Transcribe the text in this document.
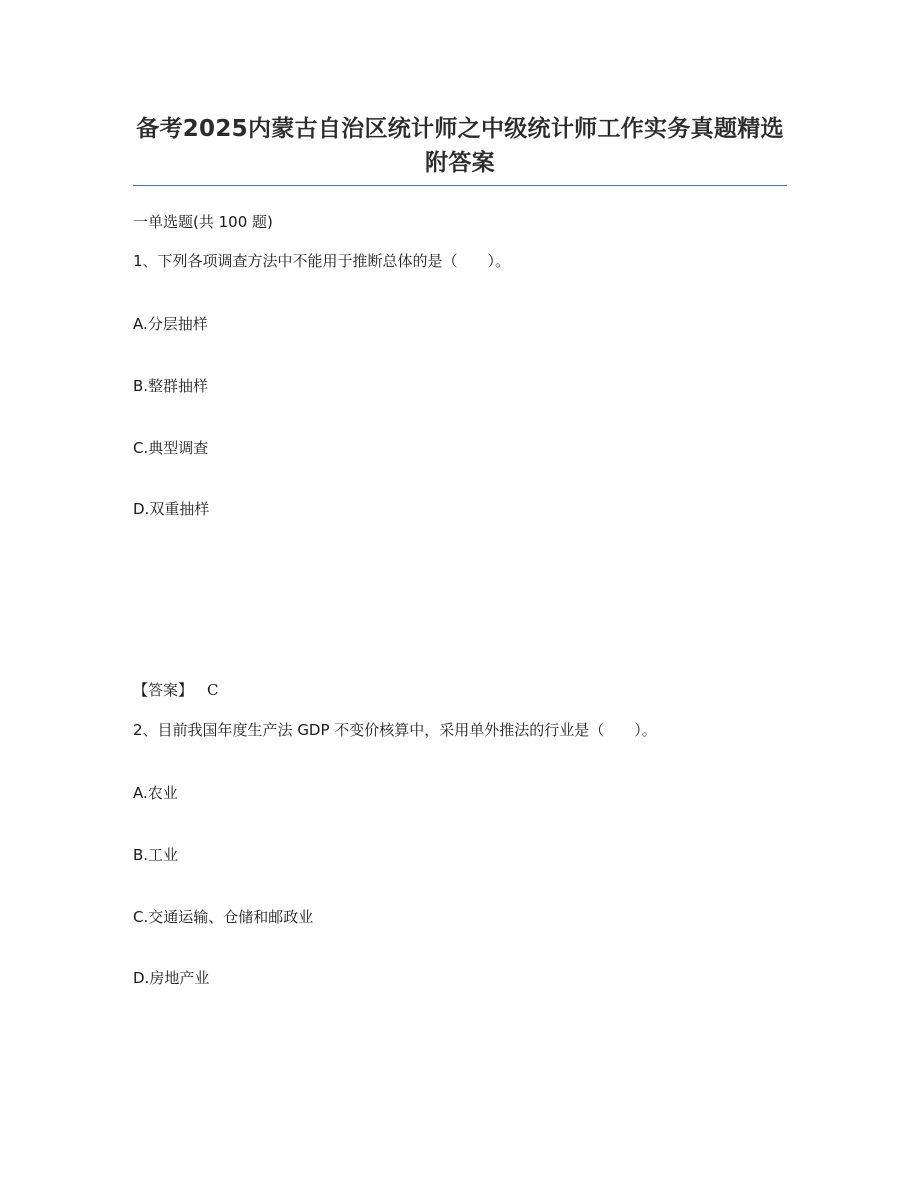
备考2025内蒙古自治区统计师之中级统计师工作实务真题精选附答案
一单选题(共 100 题)
1、下列各项调查方法中不能用于推断总体的是（　　）。
A.分层抽样
B.整群抽样
C.典型调查
D.双重抽样
【答案】 C
2、目前我国年度生产法 GDP 不变价核算中，采用单外推法的行业是（　　）。
A.农业
B.工业
C.交通运输、仓储和邮政业
D.房地产业
